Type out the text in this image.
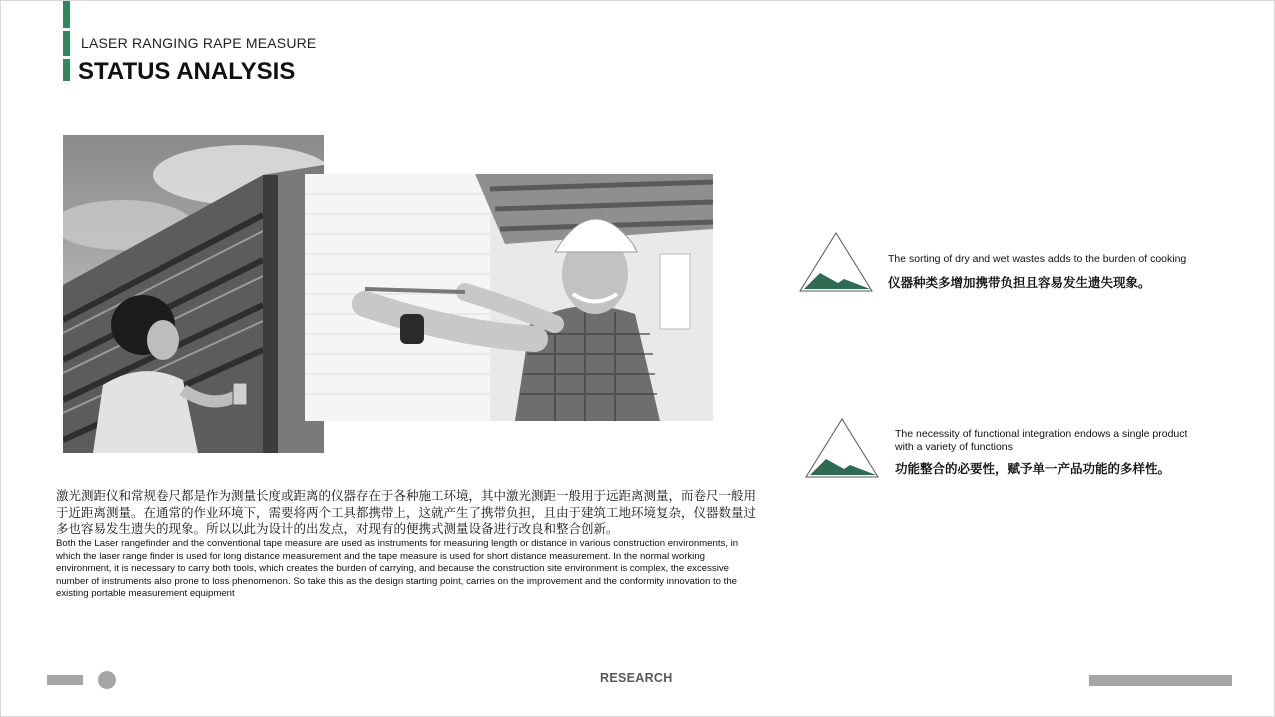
LASER RANGING RAPE MEASURE
STATUS ANALYSIS
激光测距仪和常规卷尺都是作为测量长度或距离的仪器存在于各种施工环境，其中激光测距一般用于远距离测量，而卷尺一般用于近距离测量。在通常的作业环境下，需要将两个工具都携带上，这就产生了携带负担，且由于建筑工地环境复杂，仪器数量过多也容易发生遗失的现象。所以以此为设计的出发点，对现有的便携式测量设备进行改良和整合创新。
Both the Laser rangefinder and the conventional tape measure are used as instruments for measuring length or distance in various construction environments, in which the laser range finder is used for long distance measurement and the tape measure is used for short distance measurement. In the normal working environment, it is necessary to carry both tools, which creates the burden of carrying, and because the construction site environment is complex, the excessive number of instruments also prone to loss phenomenon. So take this as the design starting point, carries on the improvement and the conformity innovation to the existing portable measurement equipment
The sorting of dry and wet wastes adds to the burden of cooking
仪器种类多增加携带负担且容易发生遗失现象。
The necessity of functional integration endows a single product with a variety of functions
功能整合的必要性，赋予单一产品功能的多样性。
RESEARCH
